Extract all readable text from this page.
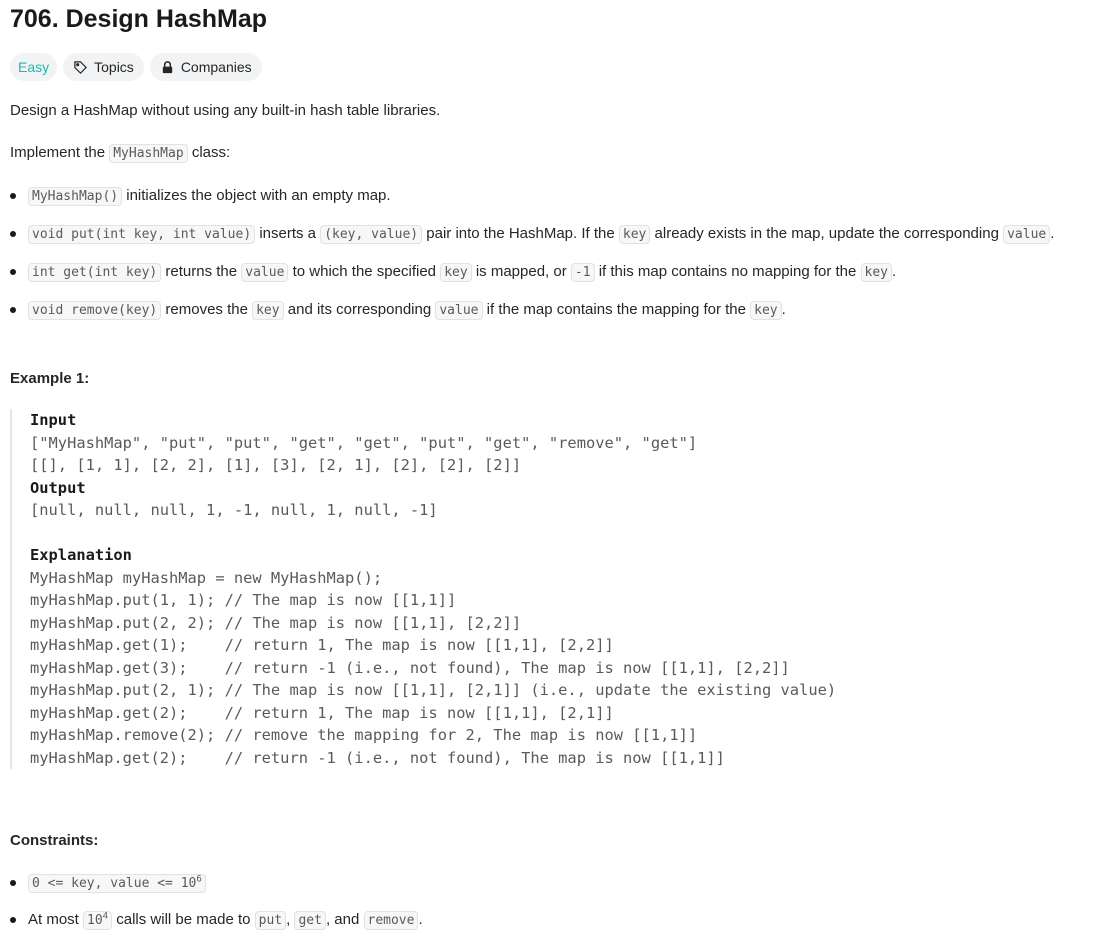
706. Design HashMap
Easy	Topics	Companies

Design a HashMap without using any built-in hash table libraries.

Implement the MyHashMap class:

MyHashMap() initializes the object with an empty map.
void put(int key, int value) inserts a (key, value) pair into the HashMap. If the key already exists in the map, update the corresponding value .
int get(int key) returns the value to which the specified key is mapped, or -1 if this map contains no mapping for the key .
void remove(key) removes the key and its corresponding value if the map contains the mapping for the key .
Example 1:
Input
["MyHashMap", "put", "put", "get", "get", "put", "get", "remove", "get"]
[[], [1, 1], [2, 2], [1], [3], [2, 1], [2], [2], [2]]
Output
[null, null, null, 1, -1, null, 1, null, -1]

Explanation
MyHashMap myHashMap = new MyHashMap();
myHashMap.put(1, 1); // The map is now [[1,1]]
myHashMap.put(2, 2); // The map is now [[1,1], [2,2]]
myHashMap.get(1);    // return 1, The map is now [[1,1], [2,2]]
myHashMap.get(3);    // return -1 (i.e., not found), The map is now [[1,1], [2,2]]
myHashMap.put(2, 1); // The map is now [[1,1], [2,1]] (i.e., update the existing value)
myHashMap.get(2);    // return 1, The map is now [[1,1], [2,1]]
myHashMap.remove(2); // remove the mapping for 2, The map is now [[1,1]]
myHashMap.get(2);    // return -1 (i.e., not found), The map is now [[1,1]]
Constraints:
0 <= key, value <= $10^6$
At most $10^4$ calls will be made to put , get , and remove .
